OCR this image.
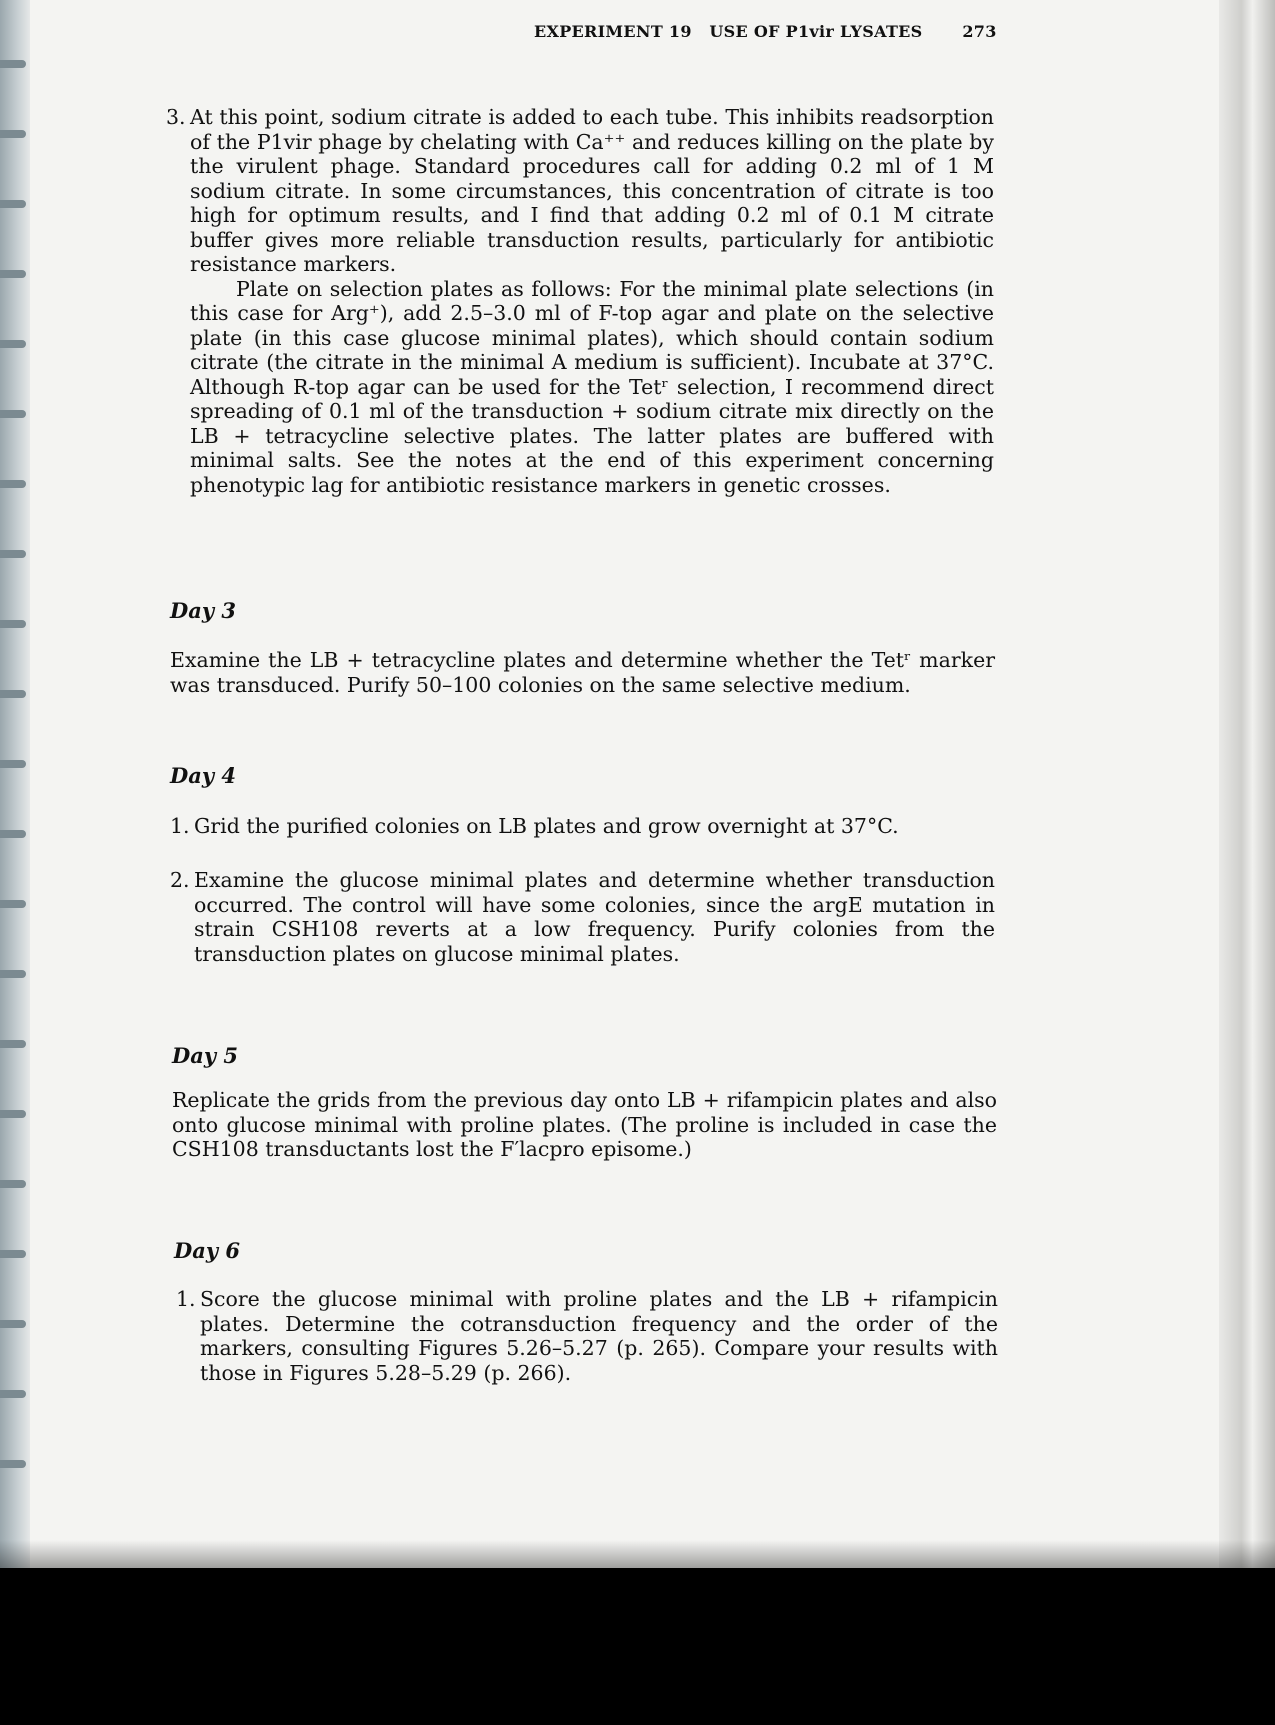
EXPERIMENT 19 USE OF P1vir LYSATES 273
3. At this point, sodium citrate is added to each tube. This inhibits readsorption of the P1vir phage by chelating with Ca⁺⁺ and reduces killing on the plate by the virulent phage. Standard procedures call for adding 0.2 ml of 1 M sodium citrate. In some circumstances, this concentration of citrate is too high for optimum results, and I find that adding 0.2 ml of 0.1 M citrate buffer gives more reliable transduction results, particularly for antibiotic resistance markers.
Plate on selection plates as follows: For the minimal plate selections (in this case for Arg⁺), add 2.5–3.0 ml of F-top agar and plate on the selective plate (in this case glucose minimal plates), which should contain sodium citrate (the citrate in the minimal A medium is sufficient). Incubate at 37°C. Although R-top agar can be used for the Tetʳ selection, I recommend direct spreading of 0.1 ml of the transduction + sodium citrate mix directly on the LB + tetracycline selective plates. The latter plates are buffered with minimal salts. See the notes at the end of this experiment concerning phenotypic lag for antibiotic resistance markers in genetic crosses.
Day 3
Examine the LB + tetracycline plates and determine whether the Tetʳ marker was transduced. Purify 50–100 colonies on the same selective medium.
Day 4
1. Grid the purified colonies on LB plates and grow overnight at 37°C.
2. Examine the glucose minimal plates and determine whether transduction occurred. The control will have some colonies, since the argE mutation in strain CSH108 reverts at a low frequency. Purify colonies from the transduction plates on glucose minimal plates.
Day 5
Replicate the grids from the previous day onto LB + rifampicin plates and also onto glucose minimal with proline plates. (The proline is included in case the CSH108 transductants lost the F′lacpro episome.)
Day 6
1. Score the glucose minimal with proline plates and the LB + rifampicin plates. Determine the cotransduction frequency and the order of the markers, consulting Figures 5.26–5.27 (p. 265). Compare your results with those in Figures 5.28–5.29 (p. 266).
